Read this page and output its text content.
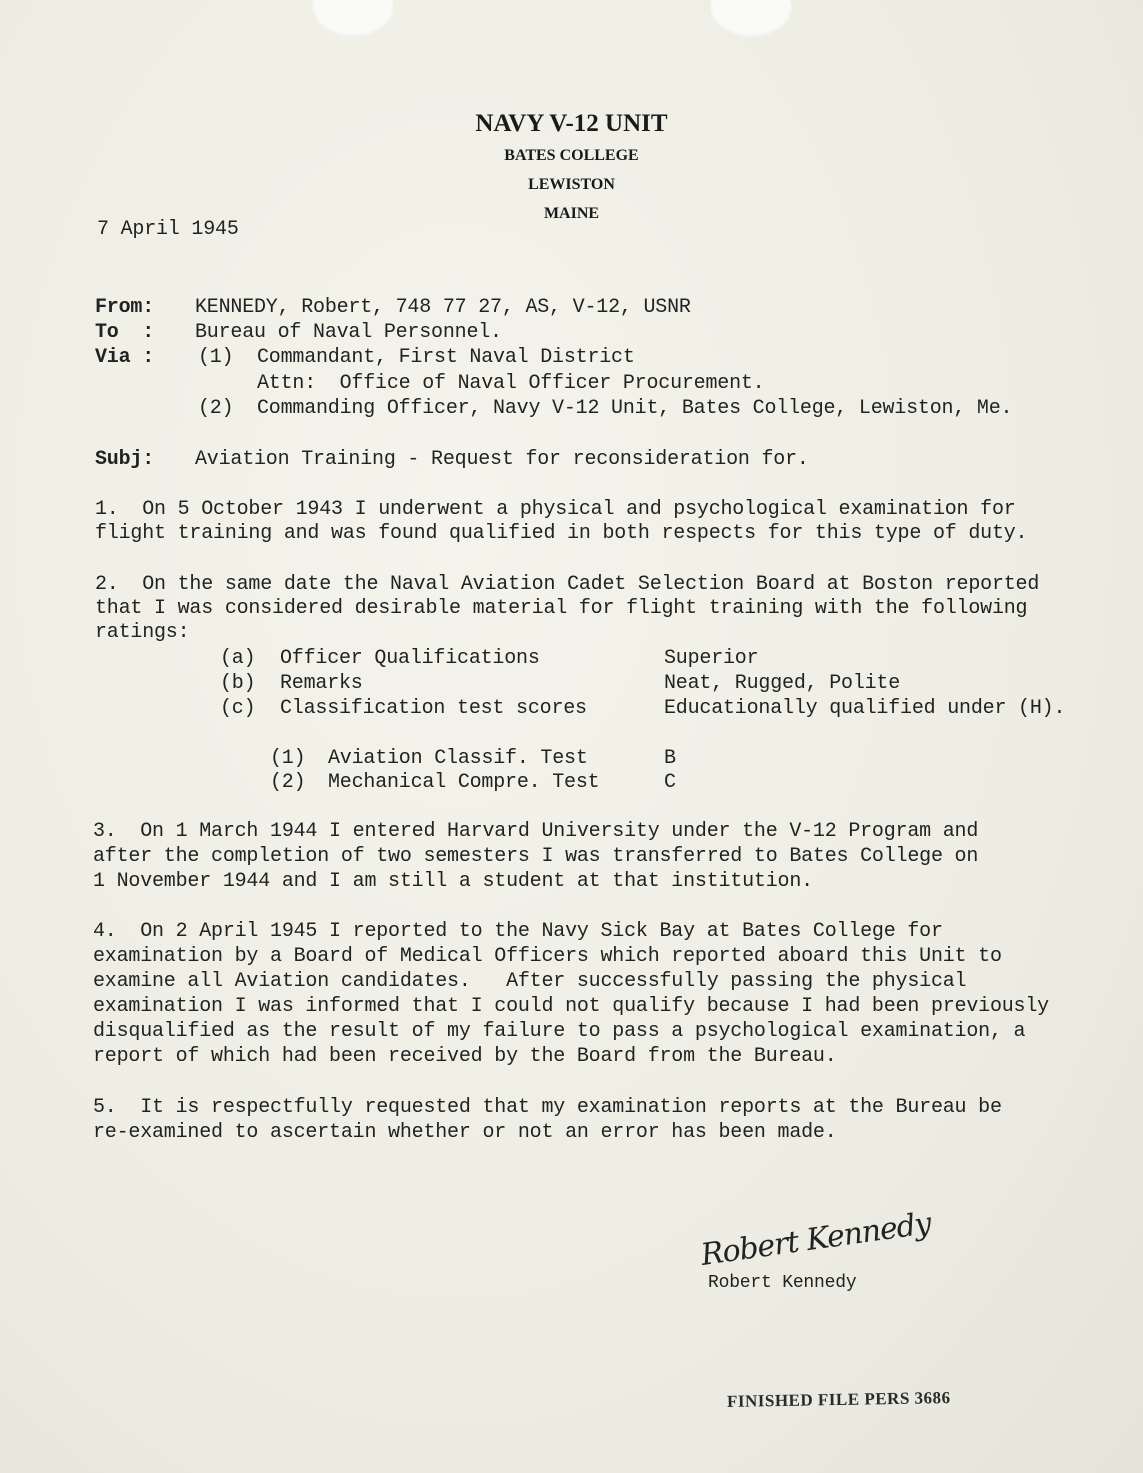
NAVY V-12 UNIT
BATES COLLEGE
LEWISTON
MAINE
7 April 1945
From: KENNEDY, Robert, 748 77 27, AS, V-12, USNR
To  : Bureau of Naval Personnel.
Via : (1) Commandant, First Naval District
Attn:  Office of Naval Officer Procurement.
(2) Commanding Officer, Navy V-12 Unit, Bates College, Lewiston, Me.
Subj: Aviation Training - Request for reconsideration for.
1.  On 5 October 1943 I underwent a physical and psychological examination for
flight training and was found qualified in both respects for this type of duty.
2.  On the same date the Naval Aviation Cadet Selection Board at Boston reported
that I was considered desirable material for flight training with the following
ratings:
(a) Officer Qualifications	Superior
(b) Remarks	Neat, Rugged, Polite
(c) Classification test scores	Educationally qualified under (H).
(1) Aviation Classif. Test	B
(2) Mechanical Compre. Test	C
3.  On 1 March 1944 I entered Harvard University under the V-12 Program and
after the completion of two semesters I was transferred to Bates College on
1 November 1944 and I am still a student at that institution.
4.  On 2 April 1945 I reported to the Navy Sick Bay at Bates College for
examination by a Board of Medical Officers which reported aboard this Unit to
examine all Aviation candidates.   After successfully passing the physical
examination I was informed that I could not qualify because I had been previously
disqualified as the result of my failure to pass a psychological examination, a
report of which had been received by the Board from the Bureau.
5.  It is respectfully requested that my examination reports at the Bureau be
re-examined to ascertain whether or not an error has been made.
Robert Kennedy
Robert Kennedy
FINISHED FILE PERS 3686
